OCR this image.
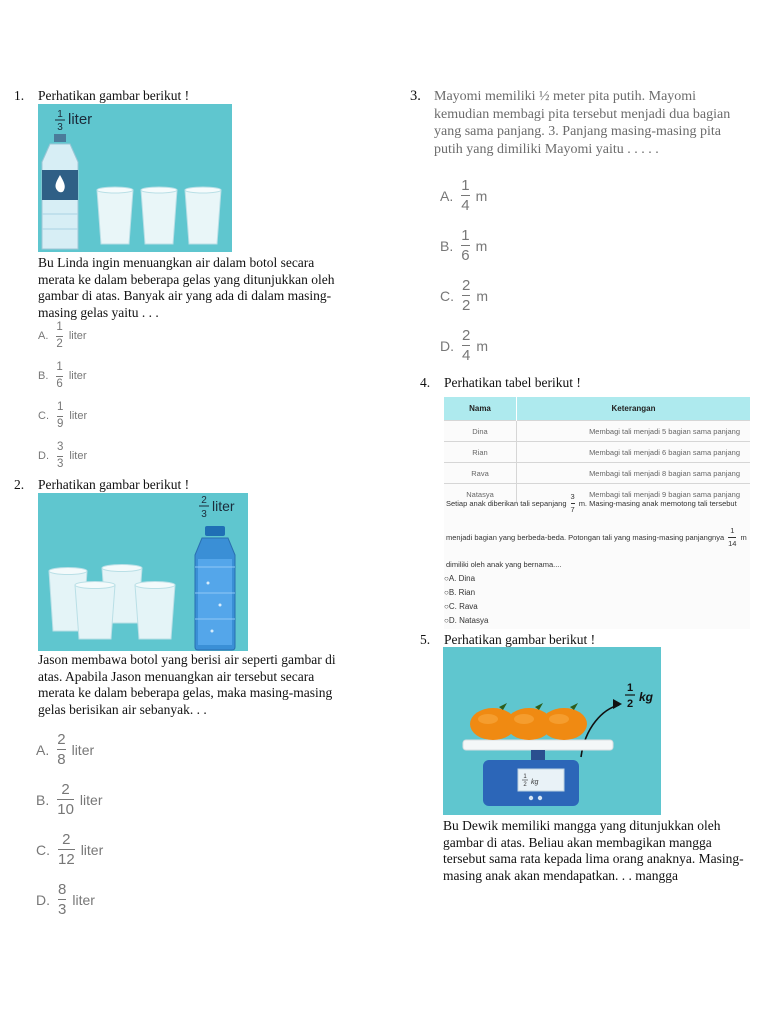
1. Perhatikan gambar berikut !
1
3 liter
Bu Linda ingin menuangkan air dalam botol secara merata ke dalam beberapa gelas yang ditunjukkan oleh gambar di atas. Banyak air yang ada di dalam masing-masing gelas yaitu . . .
A. $\frac{1}{2}$ liter
B. $\frac{1}{6}$ liter
C. $\frac{1}{9}$ liter
D. $\frac{3}{3}$ liter
2. Perhatikan gambar berikut !
2
3
liter
Jason membawa botol yang berisi air seperti gambar di atas. Apabila Jason menuangkan air tersebut secara merata ke dalam beberapa gelas, maka masing-masing gelas berisikan air sebanyak. . .
A. $\frac{2}{8}$ liter
B. $\frac{2}{10}$ liter
C. $\frac{2}{12}$ liter
D. $\frac{8}{3}$ liter
3. Mayomi memiliki ½ meter pita putih. Mayomi kemudian membagi pita tersebut menjadi dua bagian yang sama panjang. 3. Panjang masing-masing pita putih yang dimiliki Mayomi yaitu . . . . .
A. $\frac{1}{4}$ m
B. $\frac{1}{6}$ m
C. $\frac{2}{2}$ m
D. $\frac{2}{4}$ m
4. Perhatikan tabel berikut !
Nama	Keterangan
Dina	Membagi tali menjadi 5 bagian sama panjang
Rian	Membagi tali menjadi 6 bagian sama panjang
Rava	Membagi tali menjadi 8 bagian sama panjang
Natasya	Membagi tali menjadi 9 bagian sama panjang
Setiap anak diberikan tali sepanjang $\frac{3}{7} m$. Masing-masing anak memotong tali tersebut
menjadi bagian yang berbeda-beda. Potongan tali yang masing-masing panjangnya $\frac{1}{14}$ m
dimiliki oleh anak yang bernama....
○A. Dina
○B. Rian
○C. Rava
○D. Natasya
5. Perhatikan gambar berikut !
1
2 kg
1
2 kg
Bu Dewik memiliki mangga yang ditunjukkan oleh gambar di atas. Beliau akan membagikan mangga tersebut sama rata kepada lima orang anaknya. Masing-masing anak akan mendapatkan. . . mangga
